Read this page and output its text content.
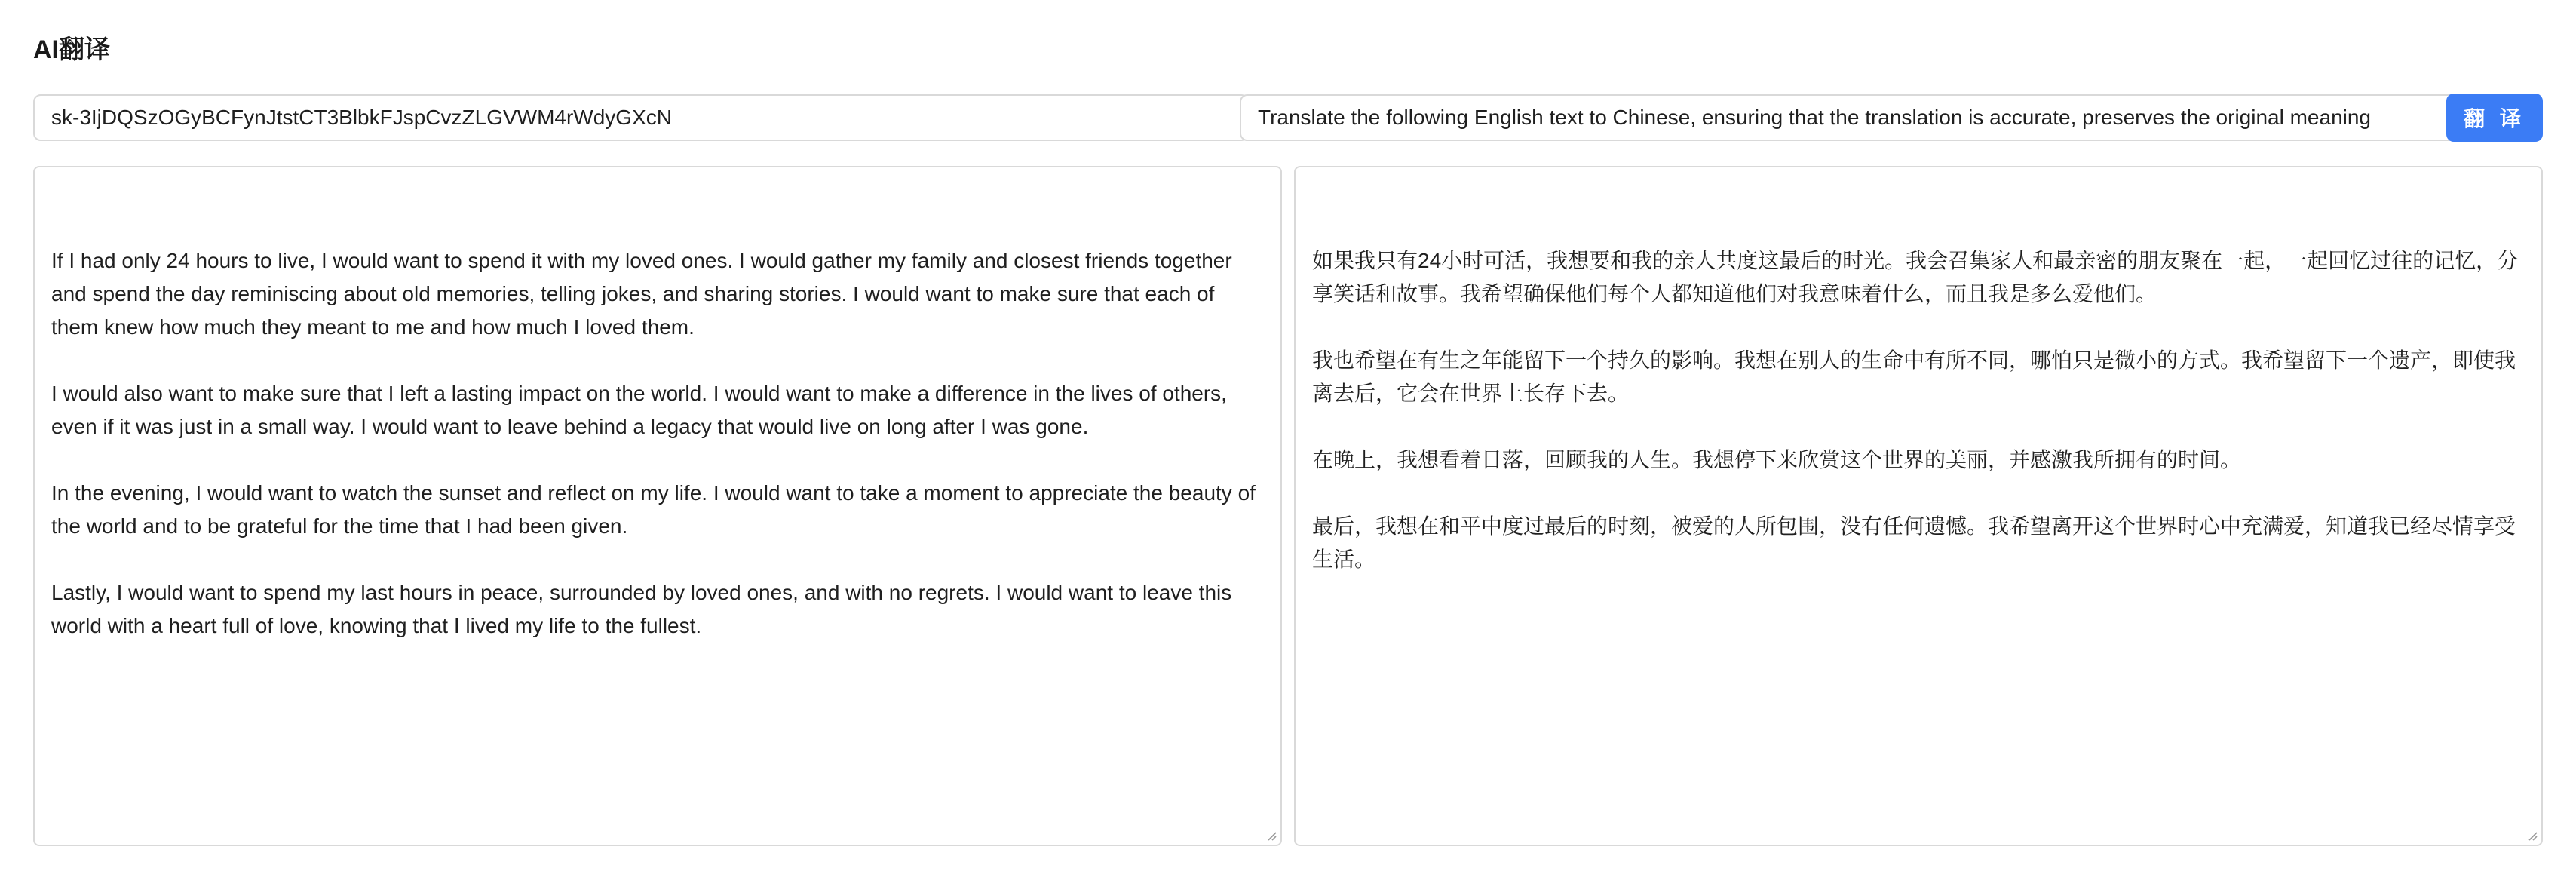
AI翻译
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
Translate the following English text to Chinese, ensuring that the translation is accurate, preserves the original meaning
翻 译

If I had only 24 hours to live, I would want to spend it with my loved ones. I would gather my family and closest friends together and spend the day reminiscing about old memories, telling jokes, and sharing stories. I would want to make sure that each of them knew how much they meant to me and how much I loved them.

I would also want to make sure that I left a lasting impact on the world. I would want to make a difference in the lives of others, even if it was just in a small way. I would want to leave behind a legacy that would live on long after I was gone.

In the evening, I would want to watch the sunset and reflect on my life. I would want to take a moment to appreciate the beauty of the world and to be grateful for the time that I had been given.

Lastly, I would want to spend my last hours in peace, surrounded by loved ones, and with no regrets. I would want to leave this world with a heart full of love, knowing that I lived my life to the fullest.

如果我只有24小时可活，我想要和我的亲人共度这最后的时光。我会召集家人和最亲密的朋友聚在一起，一起回忆过往的记忆，分享笑话和故事。我希望确保他们每个人都知道他们对我意味着什么，而且我是多么爱他们。

我也希望在有生之年能留下一个持久的影响。我想在别人的生命中有所不同，哪怕只是微小的方式。我希望留下一个遗产，即使我离去后，它会在世界上长存下去。

在晚上，我想看着日落，回顾我的人生。我想停下来欣赏这个世界的美丽，并感激我所拥有的时间。

最后，我想在和平中度过最后的时刻，被爱的人所包围，没有任何遗憾。我希望离开这个世界时心中充满爱，知道我已经尽情享受生活。
